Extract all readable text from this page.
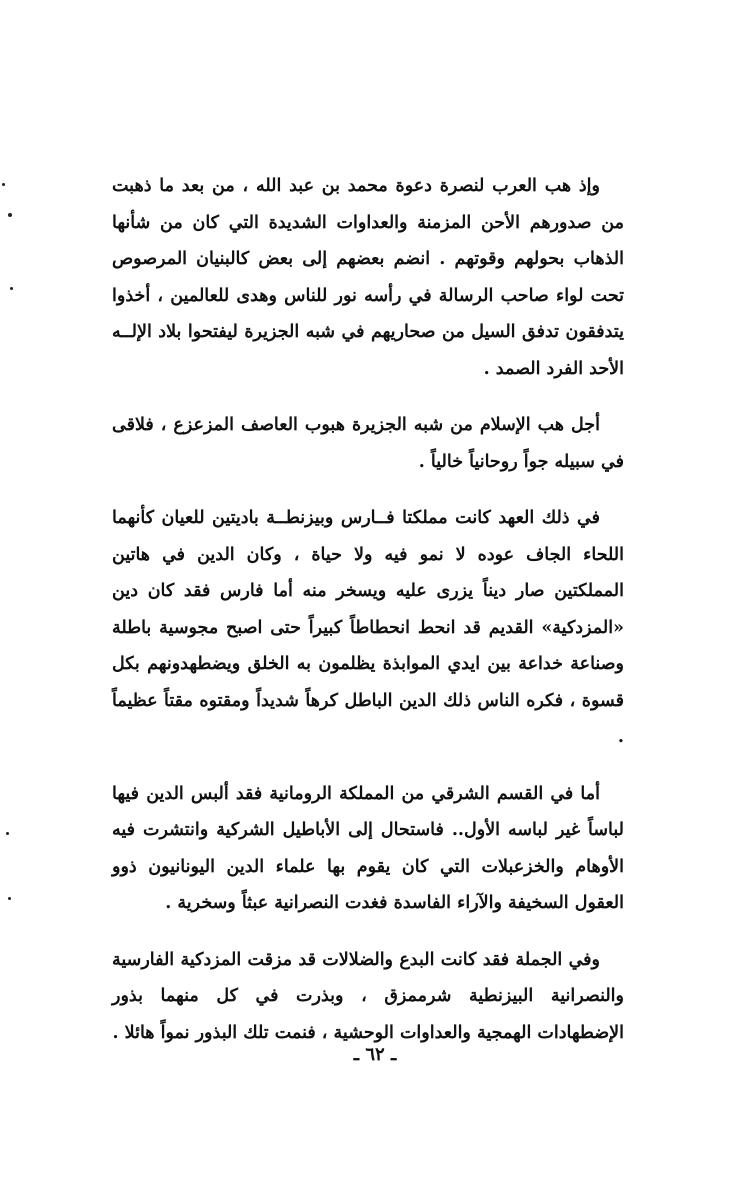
وإذ هب العرب لنصرة دعوة محمد بن عبد الله ، من بعد ما ذهبت من صدورهم الأحن المزمنة والعداوات الشديدة التي كان من شأنها الذهاب بحولهم وقوتهم . انضم بعضهم إلى بعض كالبنيان المرصوص تحت لواء صاحب الرسالة في رأسه نور للناس وهدى للعالمين ، أخذوا يتدفقون تدفق السيل من صحاريهم في شبه الجزيرة ليفتحوا بلاد الإلــه الأحد الفرد الصمد .

أجل هب الإسلام من شبه الجزيرة هبوب العاصف المزعزع ، فلاقى في سبيله جواً روحانياً خالياً .

في ذلك العهد كانت مملكتا فــارس وبيزنطــة باديتين للعيان كأنهما اللحاء الجاف عوده لا نمو فيه ولا حياة ، وكان الدين في هاتين المملكتين صار ديناً يزرى عليه ويسخر منه أما فارس فقد كان دين «المزدكية» القديم قد انحط انحطاطاً كبيراً حتى اصبح مجوسية باطلة وصناعة خداعة بين ايدي الموابذة يظلمون به الخلق ويضطهدونهم بكل قسوة ، فكره الناس ذلك الدين الباطل كرهاً شديداً ومقتوه مقتاً عظيماً .

أما في القسم الشرقي من المملكة الرومانية فقد ألبس الدين فيها لباساً غير لباسه الأول.. فاستحال إلى الأباطيل الشركية وانتشرت فيه الأوهام والخزعبلات التي كان يقوم بها علماء الدين اليونانيون ذوو العقول السخيفة والآراء الفاسدة فغدت النصرانية عبثاً وسخرية .

وفي الجملة فقد كانت البدع والضلالات قد مزقت المزدكية الفارسية والنصرانية البيزنطية شرممزق ، وبذرت في كل منهما بذور الإضطهادات الهمجية والعداوات الوحشية ، فنمت تلك البذور نمواً هائلا .

ـ ٦٢ ـ
